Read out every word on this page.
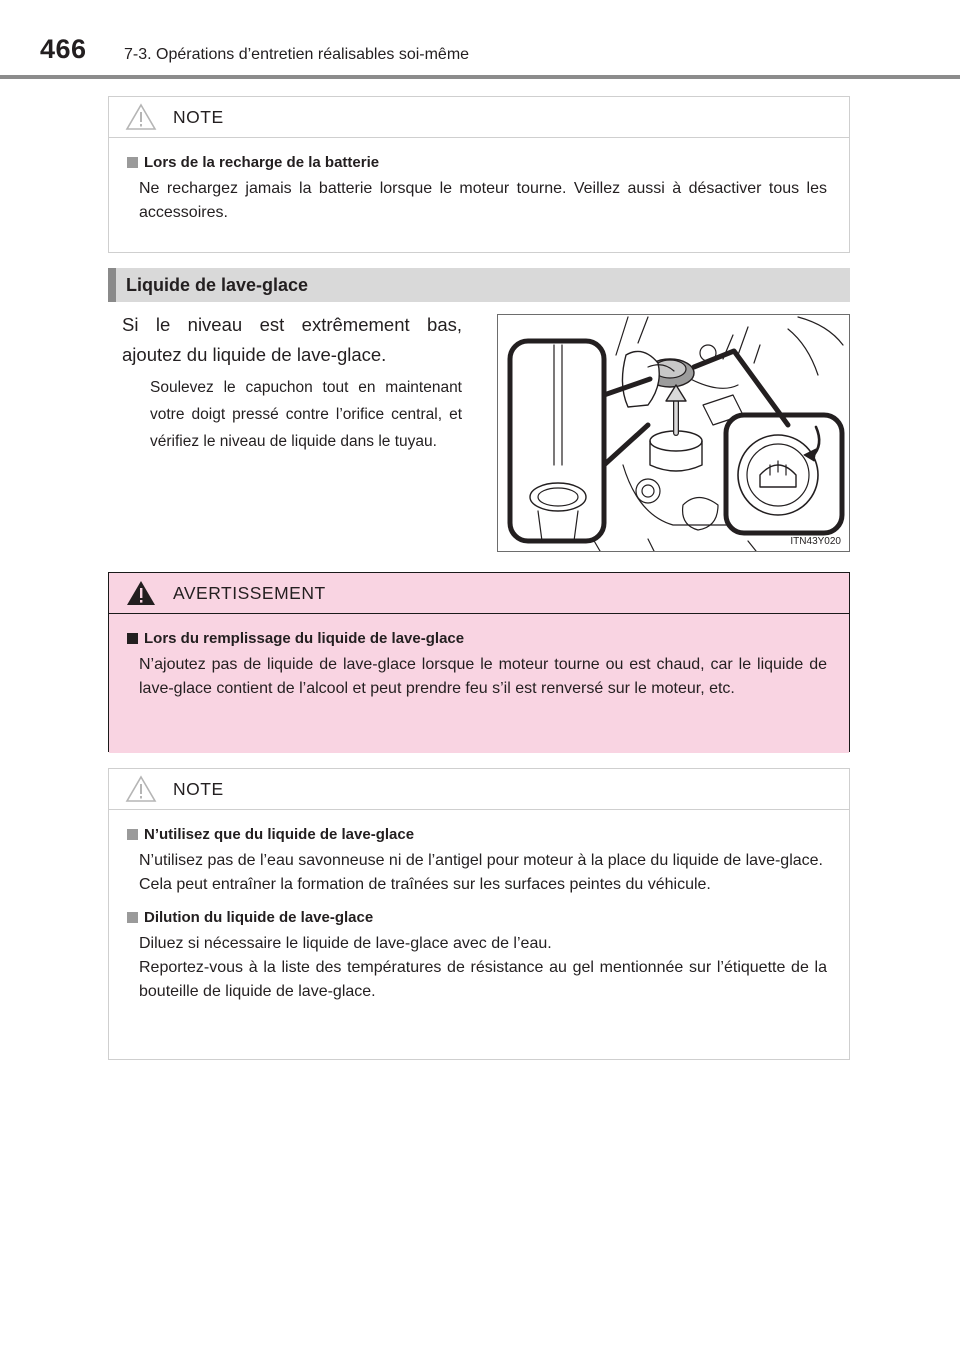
466 7-3. Opérations d’entretien réalisables soi-même
NOTE
Lors de la recharge de la batterie

Ne rechargez jamais la batterie lorsque le moteur tourne. Veillez aussi à désactiver tous les accessoires.

Liquide de lave-glace
Si le niveau est extrêmement bas, ajoutez du liquide de lave-glace.
Soulevez le capuchon tout en maintenant votre doigt pressé contre l’orifice central, et vérifiez le niveau de liquide dans le tuyau.
ITN43Y020
AVERTISSEMENT
Lors du remplissage du liquide de lave-glace

N’ajoutez pas de liquide de lave-glace lorsque le moteur tourne ou est chaud, car le liquide de lave-glace contient de l’alcool et peut prendre feu s’il est renversé sur le moteur, etc.

NOTE
N’utilisez que du liquide de lave-glace

N’utilisez pas de l’eau savonneuse ni de l’antigel pour moteur à la place du liquide de lave-glace.

Cela peut entraîner la formation de traînées sur les surfaces peintes du véhicule.

Dilution du liquide de lave-glace

Diluez si nécessaire le liquide de lave-glace avec de l’eau.

Reportez-vous à la liste des températures de résistance au gel mentionnée sur l’étiquette de la bouteille de liquide de lave-glace.
